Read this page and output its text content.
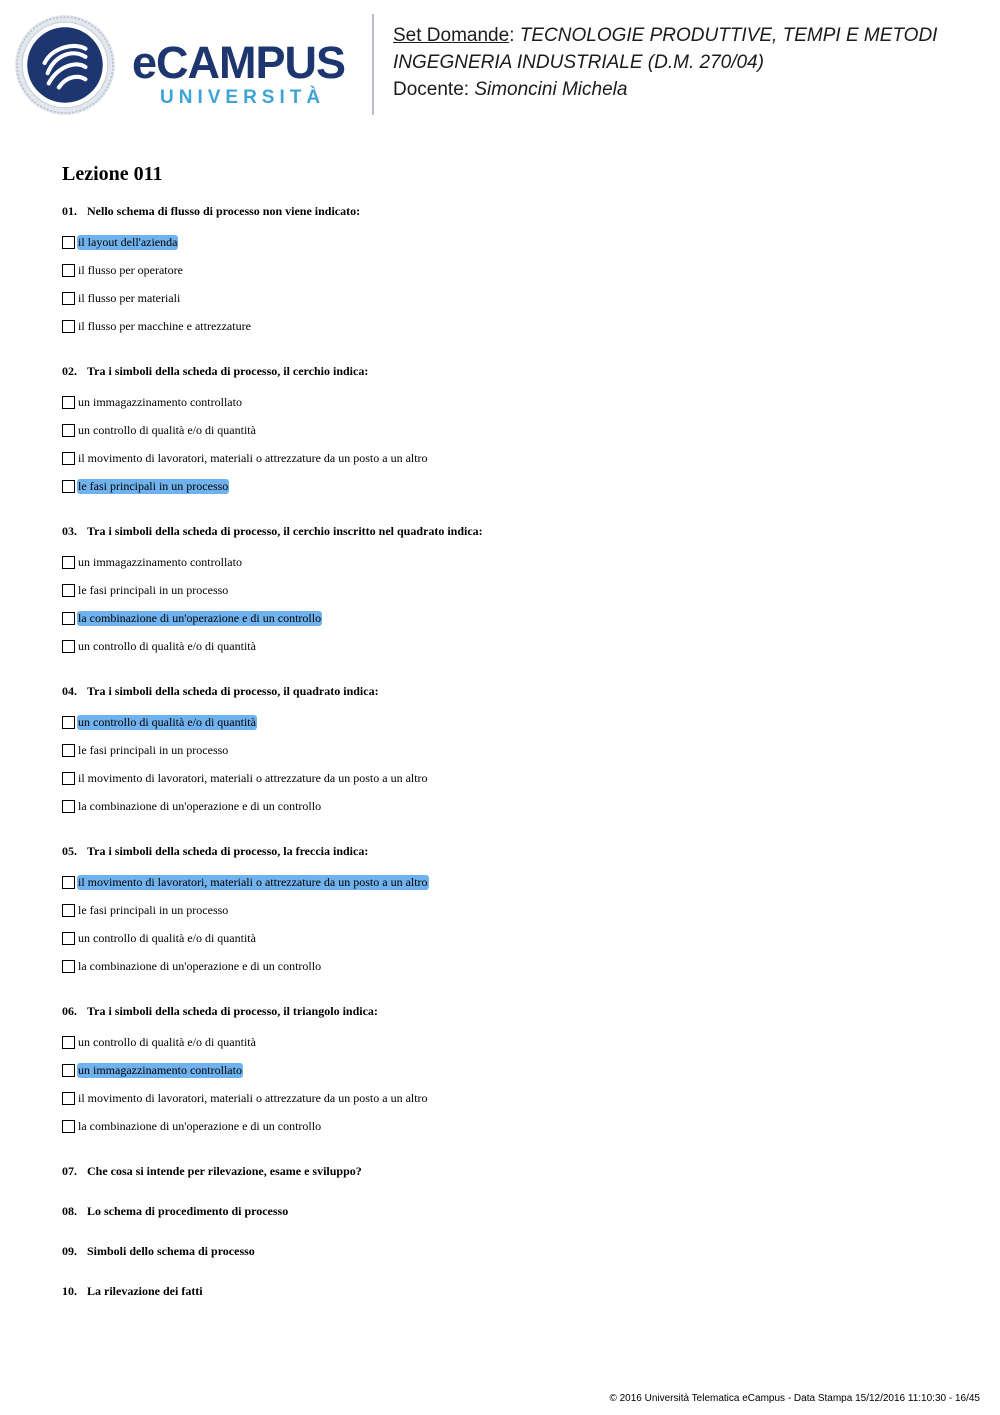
eCAMPUS
UNIVERSITÀ
Set Domande: TECNOLOGIE PRODUTTIVE, TEMPI E METODI
INGEGNERIA INDUSTRIALE (D.M. 270/04)
Docente: Simoncini Michela
Lezione 011
01. Nello schema di flusso di processo non viene indicato:
il layout dell'azienda
il flusso per operatore
il flusso per materiali
il flusso per macchine e attrezzature
02. Tra i simboli della scheda di processo, il cerchio indica:
un immagazzinamento controllato
un controllo di qualità e/o di quantità
il movimento di lavoratori, materiali o attrezzature da un posto a un altro
le fasi principali in un processo
03. Tra i simboli della scheda di processo, il cerchio inscritto nel quadrato indica:
un immagazzinamento controllato
le fasi principali in un processo
la combinazione di un'operazione e di un controllo
un controllo di qualità e/o di quantità
04. Tra i simboli della scheda di processo, il quadrato indica:
un controllo di qualità e/o di quantità
le fasi principali in un processo
il movimento di lavoratori, materiali o attrezzature da un posto a un altro
la combinazione di un'operazione e di un controllo
05. Tra i simboli della scheda di processo, la freccia indica:
il movimento di lavoratori, materiali o attrezzature da un posto a un altro
le fasi principali in un processo
un controllo di qualità e/o di quantità
la combinazione di un'operazione e di un controllo
06. Tra i simboli della scheda di processo, il triangolo indica:
un controllo di qualità e/o di quantità
un immagazzinamento controllato
il movimento di lavoratori, materiali o attrezzature da un posto a un altro
la combinazione di un'operazione e di un controllo
07. Che cosa si intende per rilevazione, esame e sviluppo?
08. Lo schema di procedimento di processo
09. Simboli dello schema di processo
10. La rilevazione dei fatti
© 2016 Università Telematica eCampus - Data Stampa 15/12/2016 11:10:30 - 16/45
